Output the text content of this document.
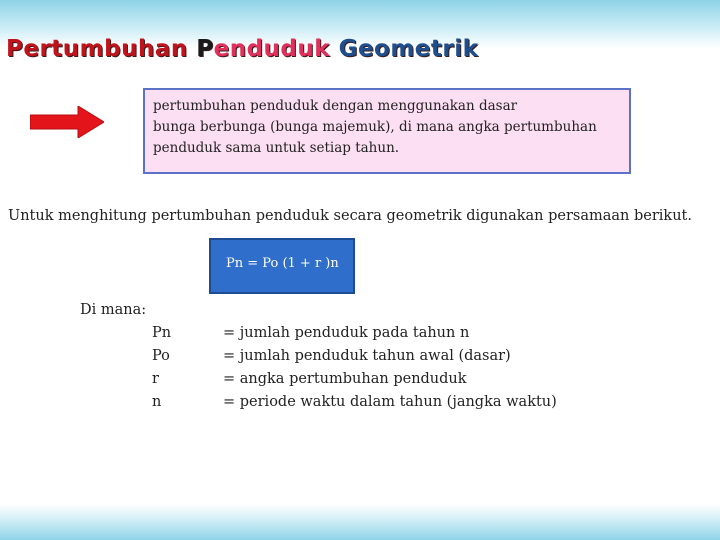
Pertumbuhan Penduduk Geometrik
pertumbuhan penduduk dengan menggunakan dasar
bunga berbunga (bunga majemuk), di mana angka pertumbuhan
penduduk sama untuk setiap tahun.
Untuk menghitung pertumbuhan penduduk secara geometrik digunakan persamaan berikut.
Pn = Po (1 + r )n
Di mana:
Pn	= jumlah penduduk pada tahun n
Po	= jumlah penduduk tahun awal (dasar)
r	= angka pertumbuhan penduduk
n	= periode waktu dalam tahun (jangka waktu)
